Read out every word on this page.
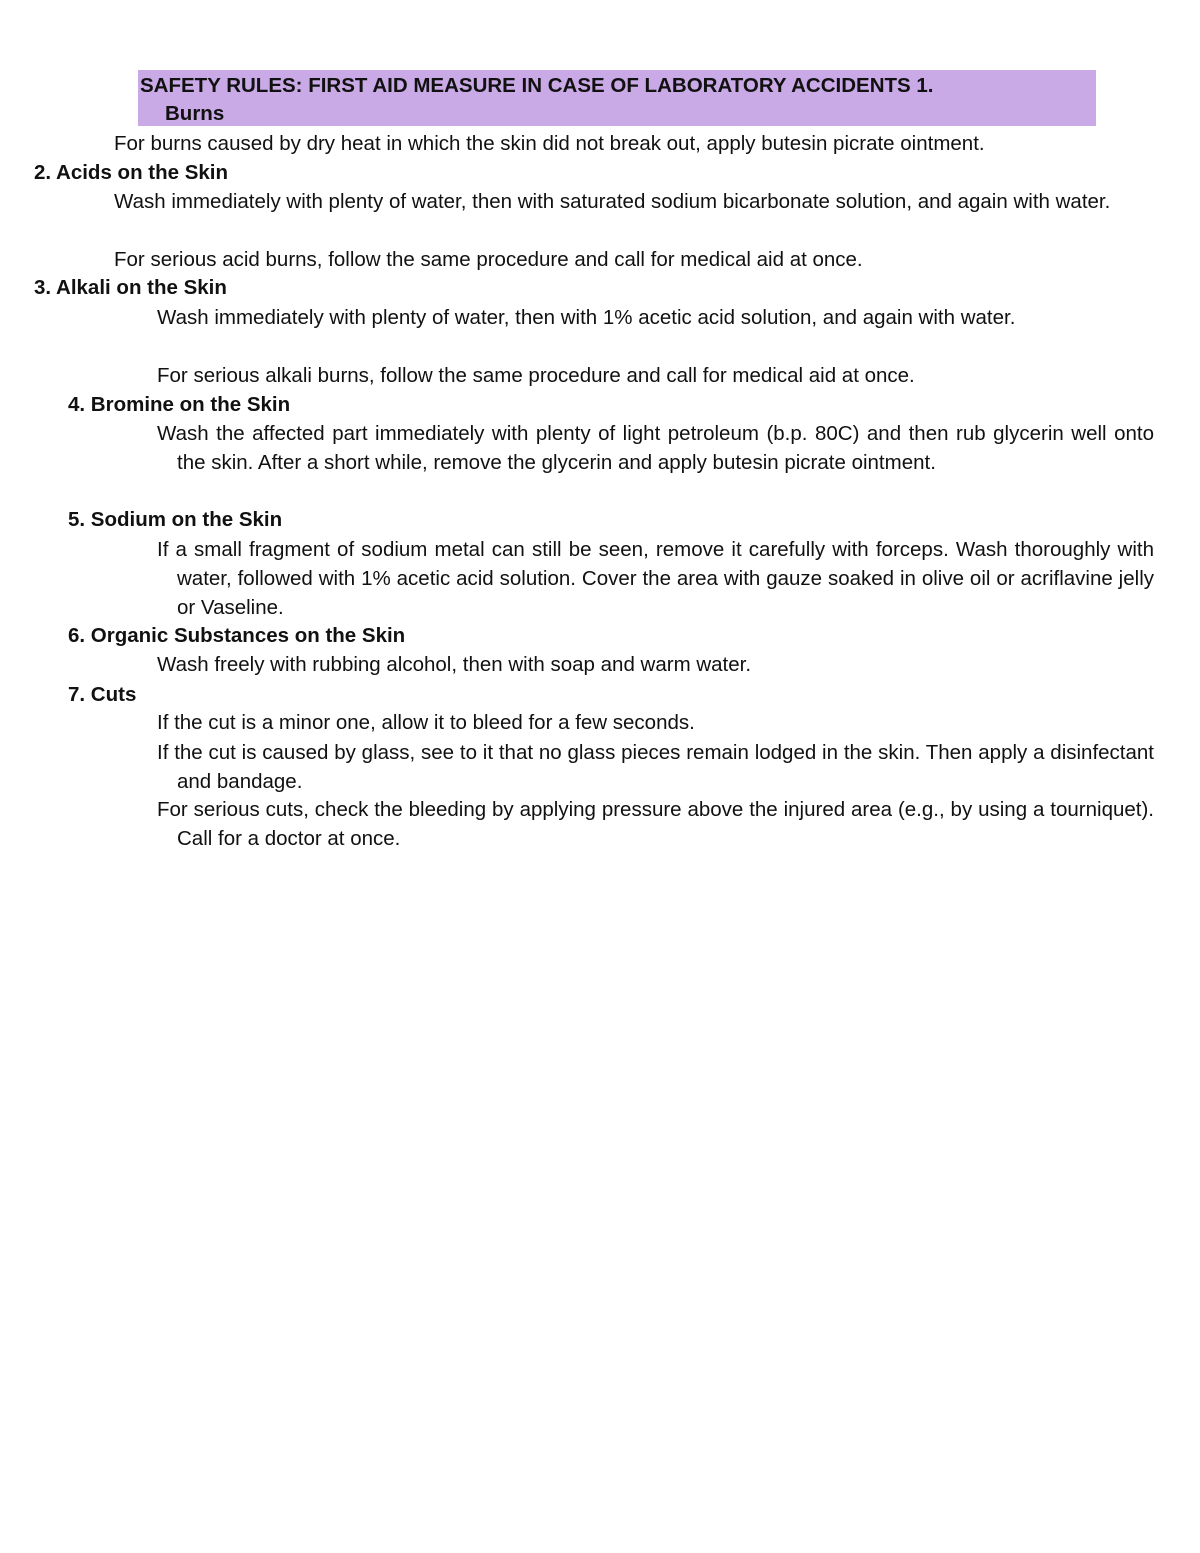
SAFETY RULES: FIRST AID MEASURE IN CASE OF LABORATORY ACCIDENTS 1.
Burns
For burns caused by dry heat in which the skin did not break out, apply butesin picrate ointment.
2. Acids on the Skin
Wash immediately with plenty of water, then with saturated sodium bicarbonate solution, and again with water.
For serious acid burns, follow the same procedure and call for medical aid at once.
3. Alkali on the Skin
Wash immediately with plenty of water, then with 1% acetic acid solution, and again with water.
For serious alkali burns, follow the same procedure and call for medical aid at once.
4. Bromine on the Skin
Wash the affected part immediately with plenty of light petroleum (b.p. 80C) and then rub glycerin well onto the skin. After a short while, remove the glycerin and apply butesin picrate ointment.
5. Sodium on the Skin
If a small fragment of sodium metal can still be seen, remove it carefully with forceps. Wash thoroughly with water, followed with 1% acetic acid solution. Cover the area with gauze soaked in olive oil or acriflavine jelly or Vaseline.
6. Organic Substances on the Skin
Wash freely with rubbing alcohol, then with soap and warm water.
7. Cuts
If the cut is a minor one, allow it to bleed for a few seconds.
If the cut is caused by glass, see to it that no glass pieces remain lodged in the skin. Then apply a disinfectant and bandage.
For serious cuts, check the bleeding by applying pressure above the injured area (e.g., by using a tourniquet). Call for a doctor at once.
